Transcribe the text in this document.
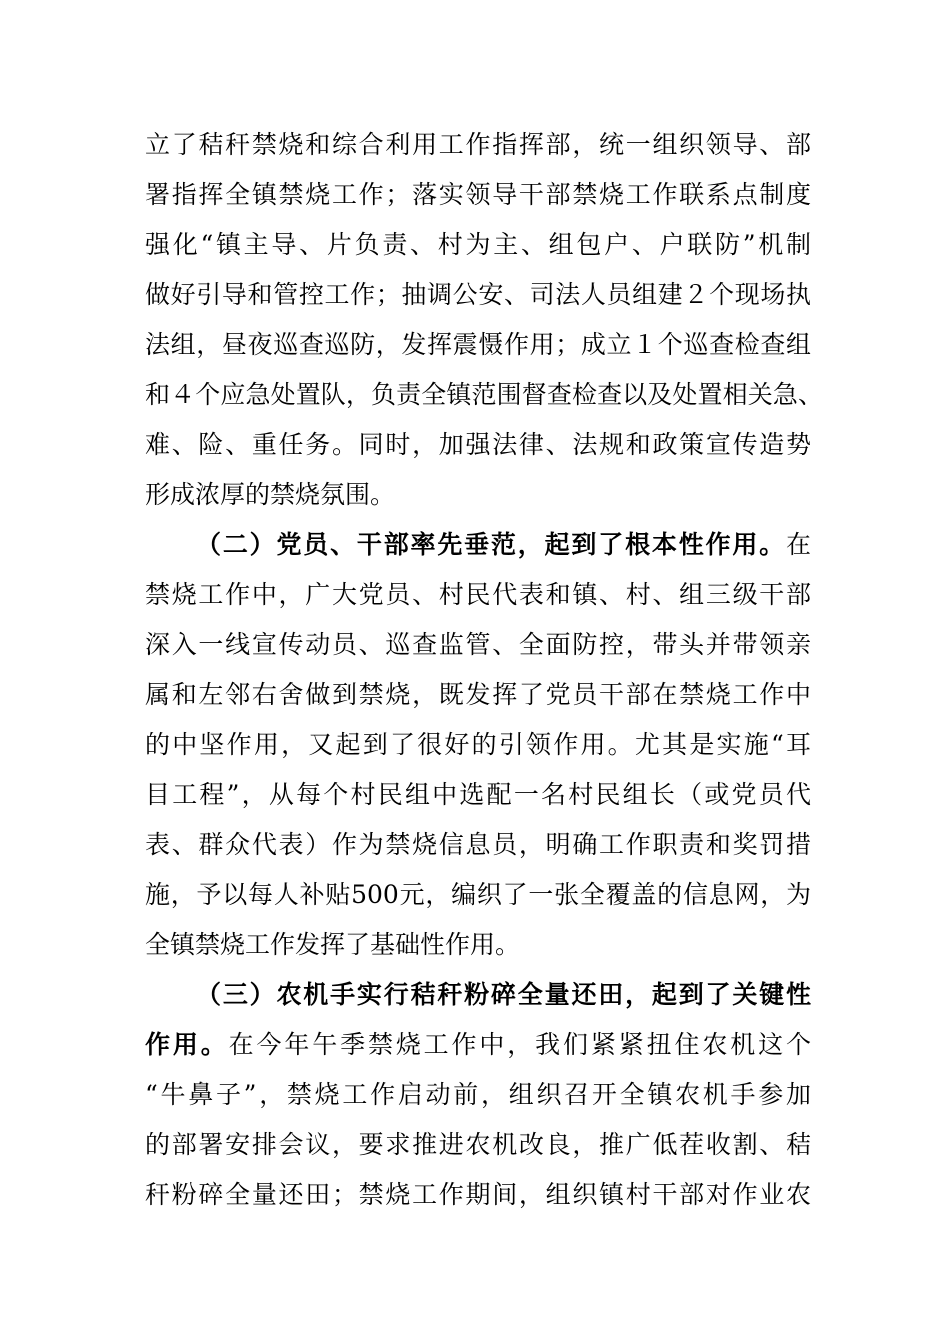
立了秸秆禁烧和综合利用工作指挥部，统一组织领导、部

署指挥全镇禁烧工作；落实领导干部禁烧工作联系点制度

强化“镇主导、片负责、村为主、组包户、户联防”机制

做好引导和管控工作；抽调公安、司法人员组建２个现场执

法组，昼夜巡查巡防，发挥震慑作用；成立１个巡查检查组

和４个应急处置队，负责全镇范围督查检查以及处置相关急、

难、险、重任务。同时，加强法律、法规和政策宣传造势

形成浓厚的禁烧氛围。

（二）党员、干部率先垂范，起到了根本性作用。在

禁烧工作中，广大党员、村民代表和镇、村、组三级干部

深入一线宣传动员、巡查监管、全面防控，带头并带领亲

属和左邻右舍做到禁烧，既发挥了党员干部在禁烧工作中

的中坚作用，又起到了很好的引领作用。尤其是实施“耳

目工程”，从每个村民组中选配一名村民组长（或党员代

表、群众代表）作为禁烧信息员，明确工作职责和奖罚措

施，予以每人补贴500元，编织了一张全覆盖的信息网，为

全镇禁烧工作发挥了基础性作用。

（三）农机手实行秸秆粉碎全量还田，起到了关键性

作用。在今年午季禁烧工作中，我们紧紧扭住农机这个

“牛鼻子”，禁烧工作启动前，组织召开全镇农机手参加

的部署安排会议，要求推进农机改良，推广低茬收割、秸

秆粉碎全量还田；禁烧工作期间，组织镇村干部对作业农
